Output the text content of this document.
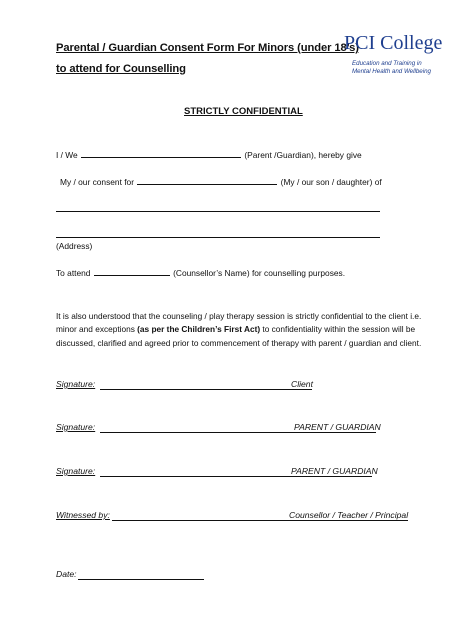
Parental / Guardian Consent Form For Minors (under 18’s)
to attend for Counselling
PCI College
Education and Training in
Mental Health and Wellbeing
STRICTLY CONFIDENTIAL
I / We	(Parent /Guardian), hereby give
My / our consent for	(My / our son / daughter) of
(Address)
To attend	(Counsellor’s Name) for counselling purposes.
It is also understood that the counseling / play therapy session is strictly confidential to the client i.e. minor and exceptions (as per the Children’s First Act) to confidentiality within the session will be discussed, clarified and agreed prior to commencement of therapy with parent / guardian and client.
Signature:	Client
Signature:	PARENT / GUARDIAN
Signature:	PARENT / GUARDIAN
Witnessed by:	Counsellor / Teacher / Principal
Date:
